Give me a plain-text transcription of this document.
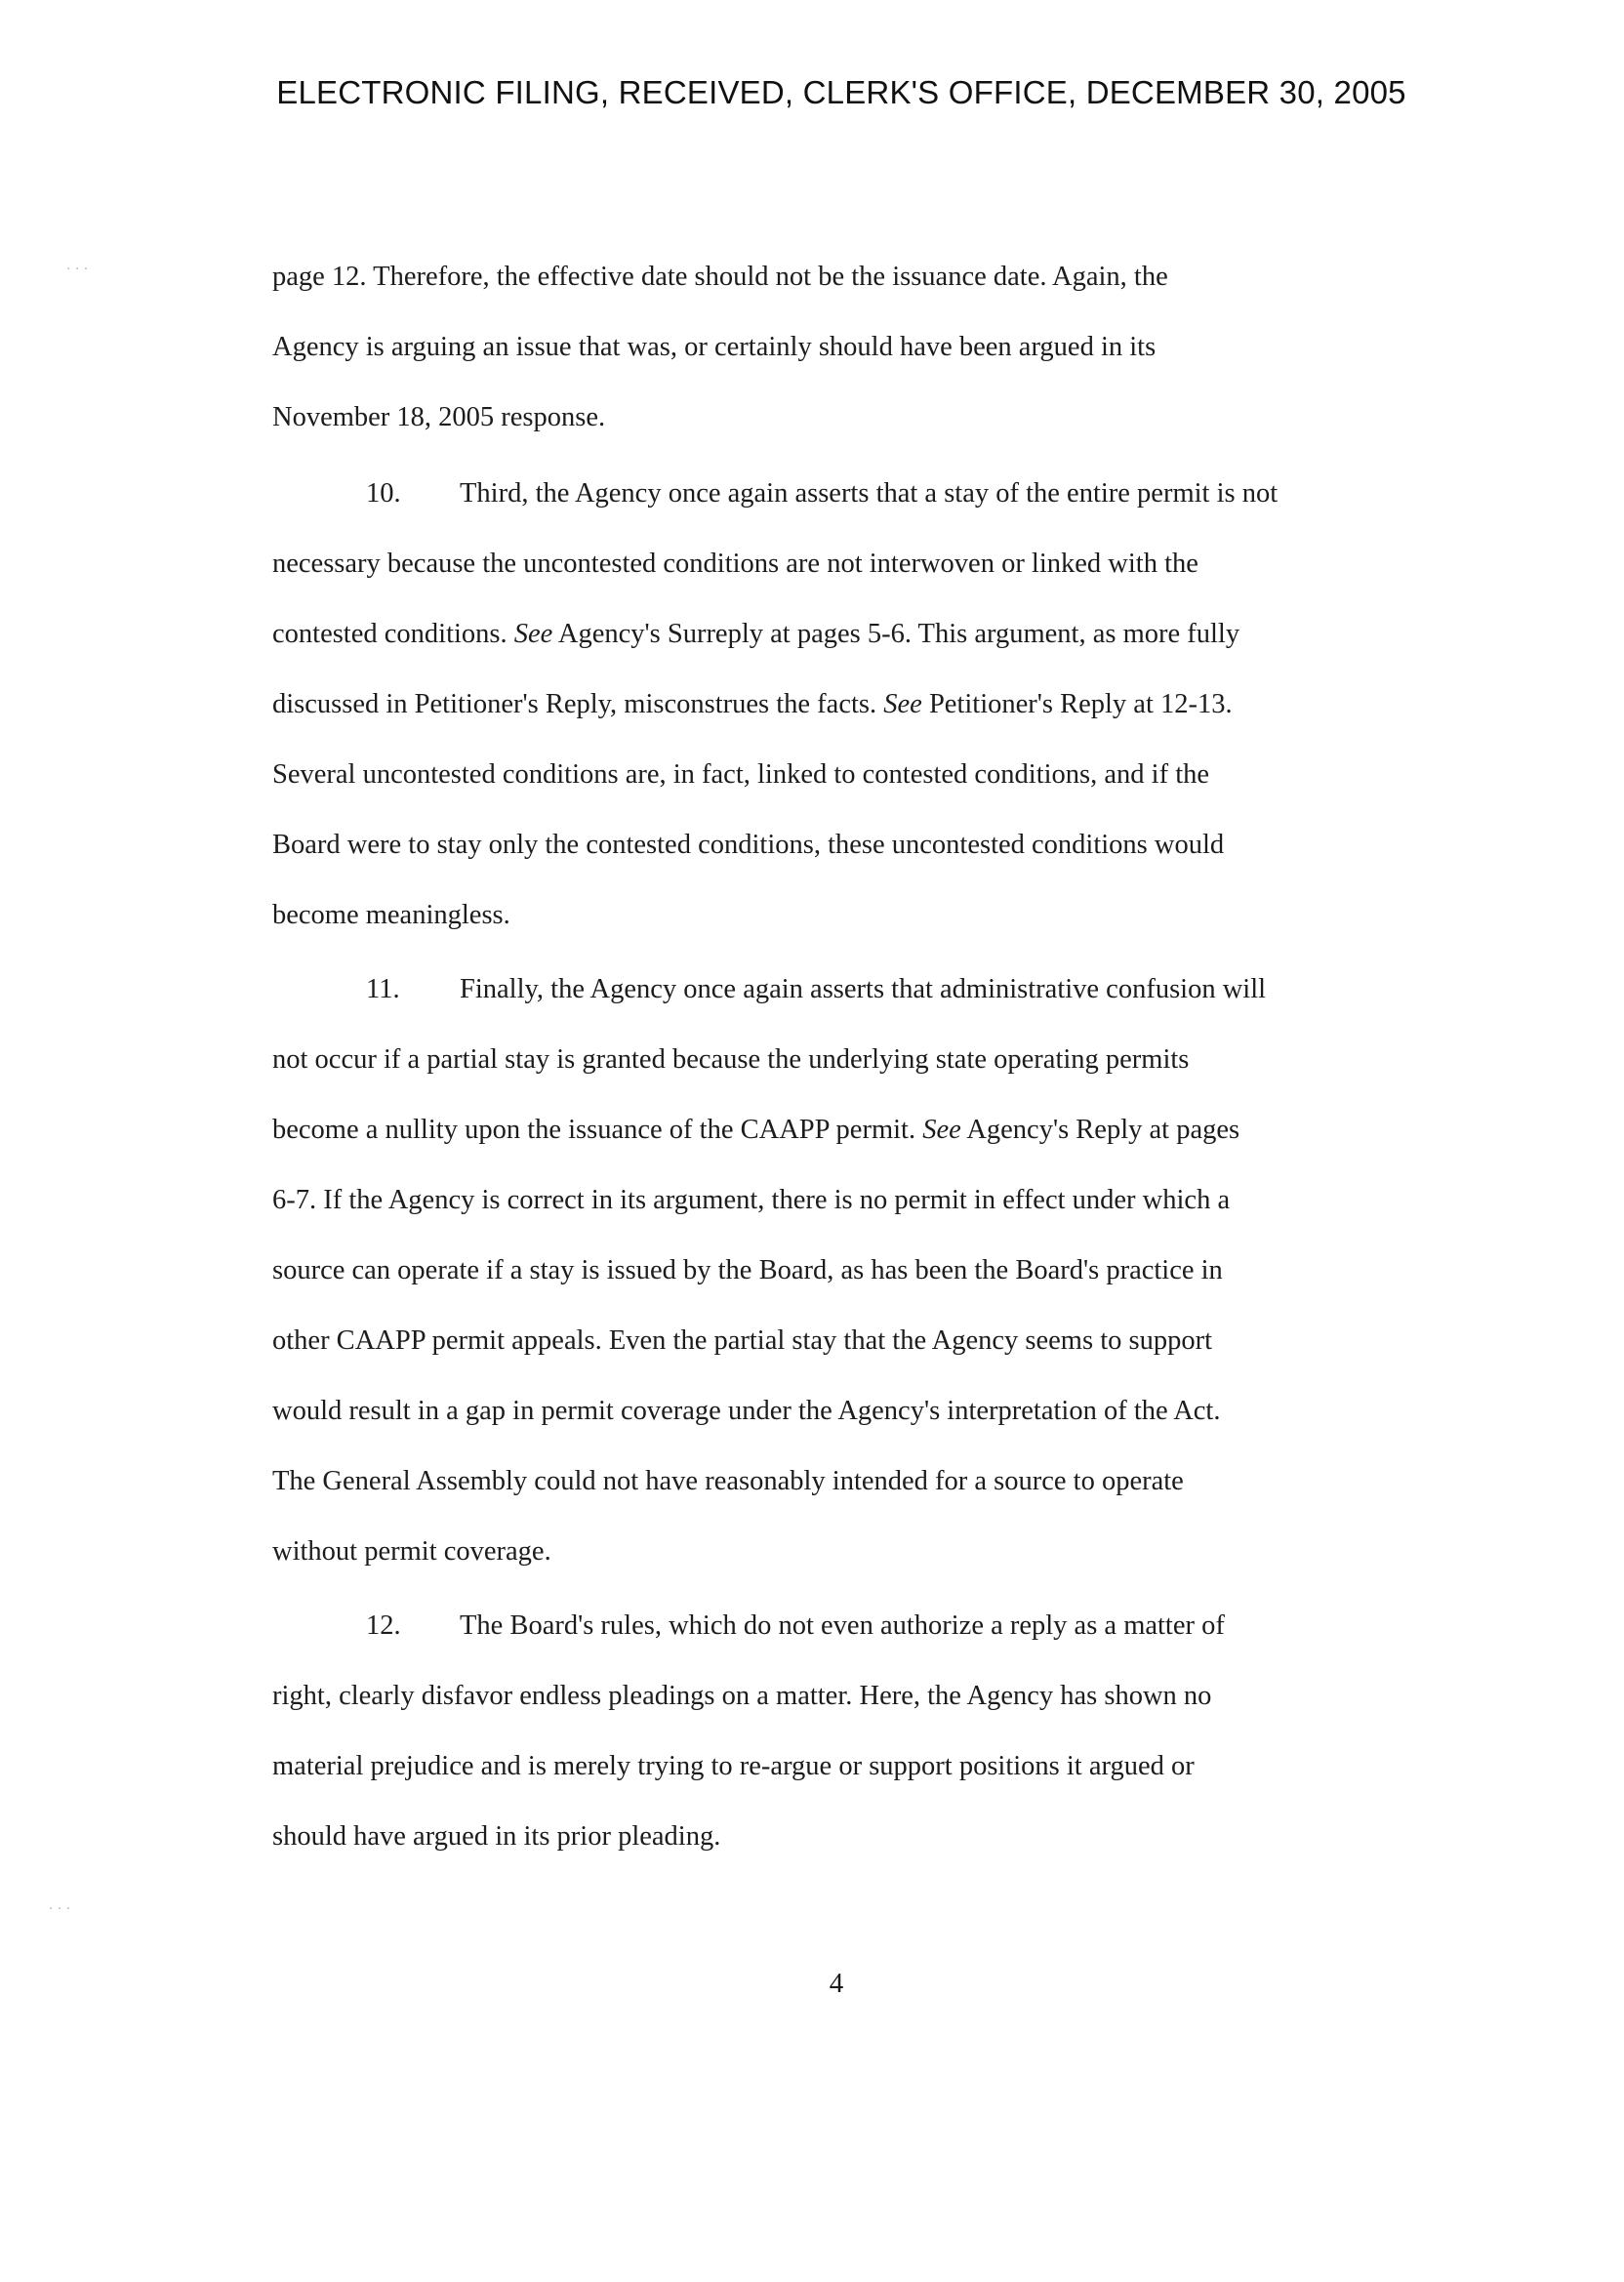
ELECTRONIC FILING, RECEIVED, CLERK'S OFFICE, DECEMBER 30, 2005
· · ·
· · ·
page 12. Therefore, the effective date should not be the issuance date. Again, the
Agency is arguing an issue that was, or certainly should have been argued in its
November 18, 2005 response.
10. Third, the Agency once again asserts that a stay of the entire permit is not
necessary because the uncontested conditions are not interwoven or linked with the
contested conditions. See Agency's Surreply at pages 5-6. This argument, as more fully
discussed in Petitioner's Reply, misconstrues the facts. See Petitioner's Reply at 12-13.
Several uncontested conditions are, in fact, linked to contested conditions, and if the
Board were to stay only the contested conditions, these uncontested conditions would
become meaningless.
11. Finally, the Agency once again asserts that administrative confusion will
not occur if a partial stay is granted because the underlying state operating permits
become a nullity upon the issuance of the CAAPP permit. See Agency's Reply at pages
6-7. If the Agency is correct in its argument, there is no permit in effect under which a
source can operate if a stay is issued by the Board, as has been the Board's practice in
other CAAPP permit appeals. Even the partial stay that the Agency seems to support
would result in a gap in permit coverage under the Agency's interpretation of the Act.
The General Assembly could not have reasonably intended for a source to operate
without permit coverage.
12. The Board's rules, which do not even authorize a reply as a matter of
right, clearly disfavor endless pleadings on a matter. Here, the Agency has shown no
material prejudice and is merely trying to re-argue or support positions it argued or
should have argued in its prior pleading.
4
